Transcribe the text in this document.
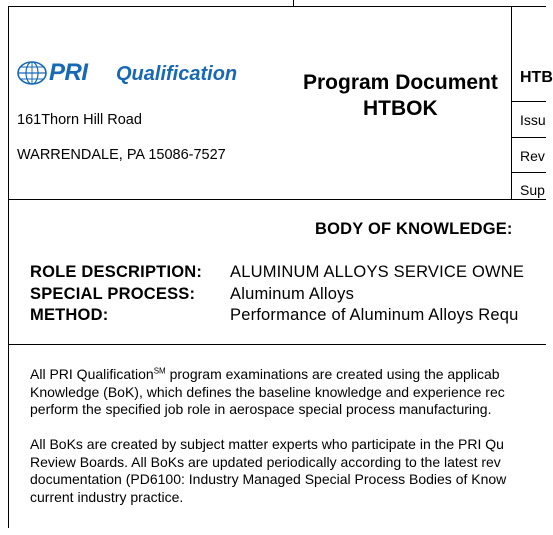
PRI Qualification
161Thorn Hill Road
WARRENDALE, PA 15086-7527
Program Document
HTBOK
HTB
Issu
Rev
Sup
BODY OF KNOWLEDGE:
ROLE DESCRIPTION: ALUMINUM ALLOYS SERVICE OWNE
SPECIAL PROCESS: Aluminum Alloys
METHOD:	Performance of Aluminum Alloys Requ
All PRI Qualification℠ program examinations are created using the applicab
Knowledge (BoK), which defines the baseline knowledge and experience rec
perform the specified job role in aerospace special process manufacturing.
All BoKs are created by subject matter experts who participate in the PRI Qu
Review Boards. All BoKs are updated periodically according to the latest rev
documentation (PD6100: Industry Managed Special Process Bodies of Know
current industry practice.
